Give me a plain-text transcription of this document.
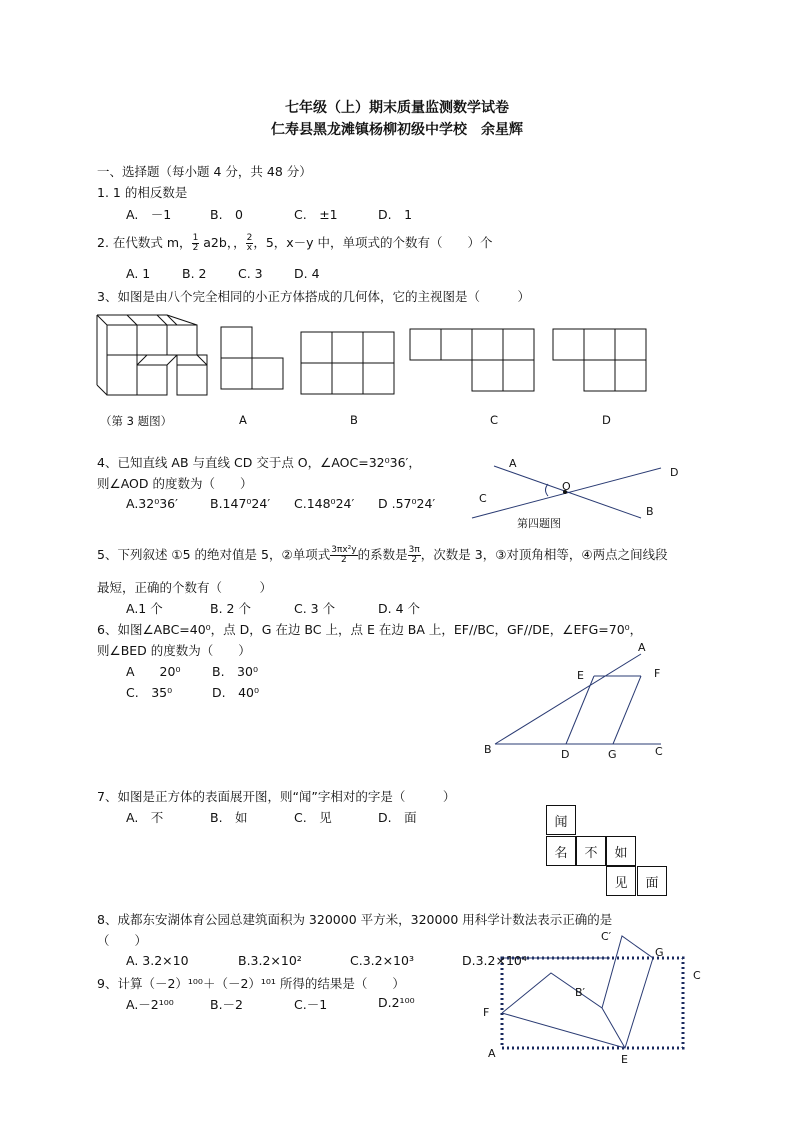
七年级（上）期末质量监测数学试卷
仁寿县黑龙滩镇杨柳初级中学校　余星辉
一、选择题（每小题 4 分，共 48 分）
1. 1 的相反数是
A.　－1	B.　0	C.　±1	D.　1
2. 在代数式 m， $\frac{1}{2} a2b$，， $\frac{2}{x}$ ，5，x－y 中，单项式的个数有（　　）个
A. 1	B. 2	C. 3	D. 4
3、如图是由八个完全相同的小正方体搭成的几何体，它的主视图是（　　　）
A
B
C
D
O
第四题图
A
B	C
D
E	F
G
A
C
E
F
G
B′
C′
（第 3 题图）	A	B	C	D
4、已知直线 AB 与直线 CD 交于点 O，∠AOC=32⁰36′，
则∠AOD 的度数为（　　）
A.32⁰36′	B.147⁰24′ C.148⁰24′ D .57⁰24′
5、下列叙述 ①5 的绝对值是 5，②单项式 $\frac{\text{3πx²y}}{2}$ 的系数是 $\frac{3\pi}{2}$ ，次数是 3，③对顶角相等，④两点之间线段
最短，正确的个数有（　　　）
A.1 个	B. 2 个	C. 3 个	D. 4 个
6、如图∠ABC=40⁰，点 D，G 在边 BC 上，点 E 在边 BA 上，EF//BC，GF//DE，∠EFG=70⁰，
则∠BED 的度数为（　　）
A　　20⁰	B.　30⁰
C.　35⁰	D.　40⁰
7、如图是正方体的表面展开图，则“闻”字相对的字是（　　　）
A.　不	B.　如	C.　见	D.　面	闻
名	不	如
见	面
8、成都东安湖体育公园总建筑面积为 320000 平方米，320000 用科学计数法表示正确的是
（　　）
A. 3.2×10	B.3.2×10²	C.3.2×10³	D.3.2×10⁴
9、计算（－2）¹⁰⁰＋（－2）¹⁰¹ 所得的结果是（　　）
A.－2¹⁰⁰	B.－2	C.－1	D.2¹⁰⁰
